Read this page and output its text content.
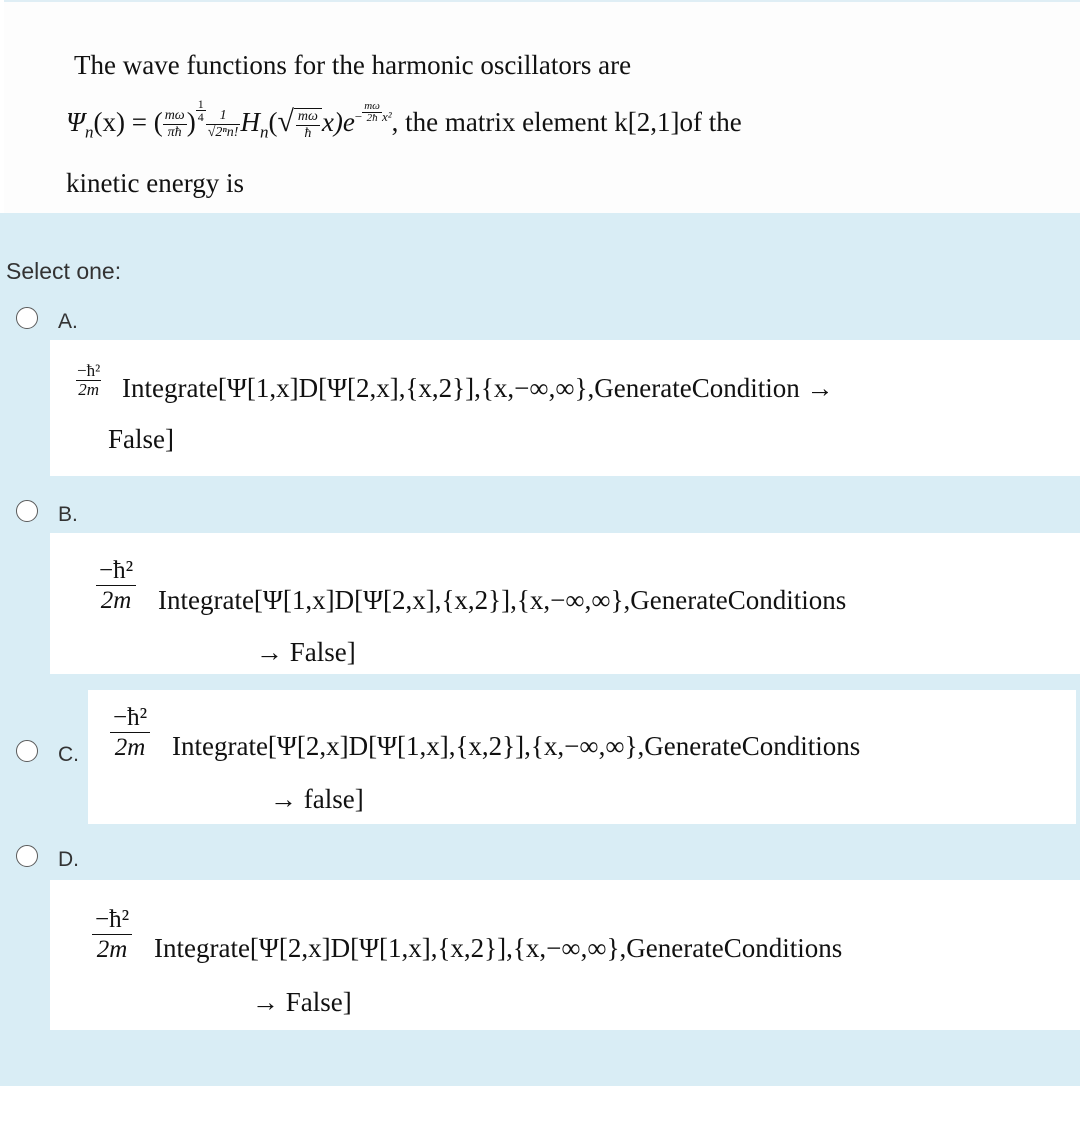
The wave functions for the harmonic oscillators are
$\Psi_n(x)$ = ( $\frac{m\omega}{\pi ħ}$ ) $\frac{1}{4} \frac{1}{\text{√2ⁿn!}} H_n(√ \frac{m\omega}{ħ} x)e^- \frac{m\omega}{2ħ} ^{x^2}$, the matrix element k[2,1]of the
kinetic energy is
Select one:
A.
−ħ²
2m Integrate[Ψ[1,x]D[Ψ[2,x],{x,2}],{x,−∞,∞},GenerateCondition →
False]
B.
−ħ²
2m Integrate[Ψ[1,x]D[Ψ[2,x],{x,2}],{x,−∞,∞},GenerateConditions
→ False]
C.
−ħ²
2m Integrate[Ψ[2,x]D[Ψ[1,x],{x,2}],{x,−∞,∞},GenerateConditions
→ false]
D.
−ħ²
2m Integrate[Ψ[2,x]D[Ψ[1,x],{x,2}],{x,−∞,∞},GenerateConditions
→ False]
